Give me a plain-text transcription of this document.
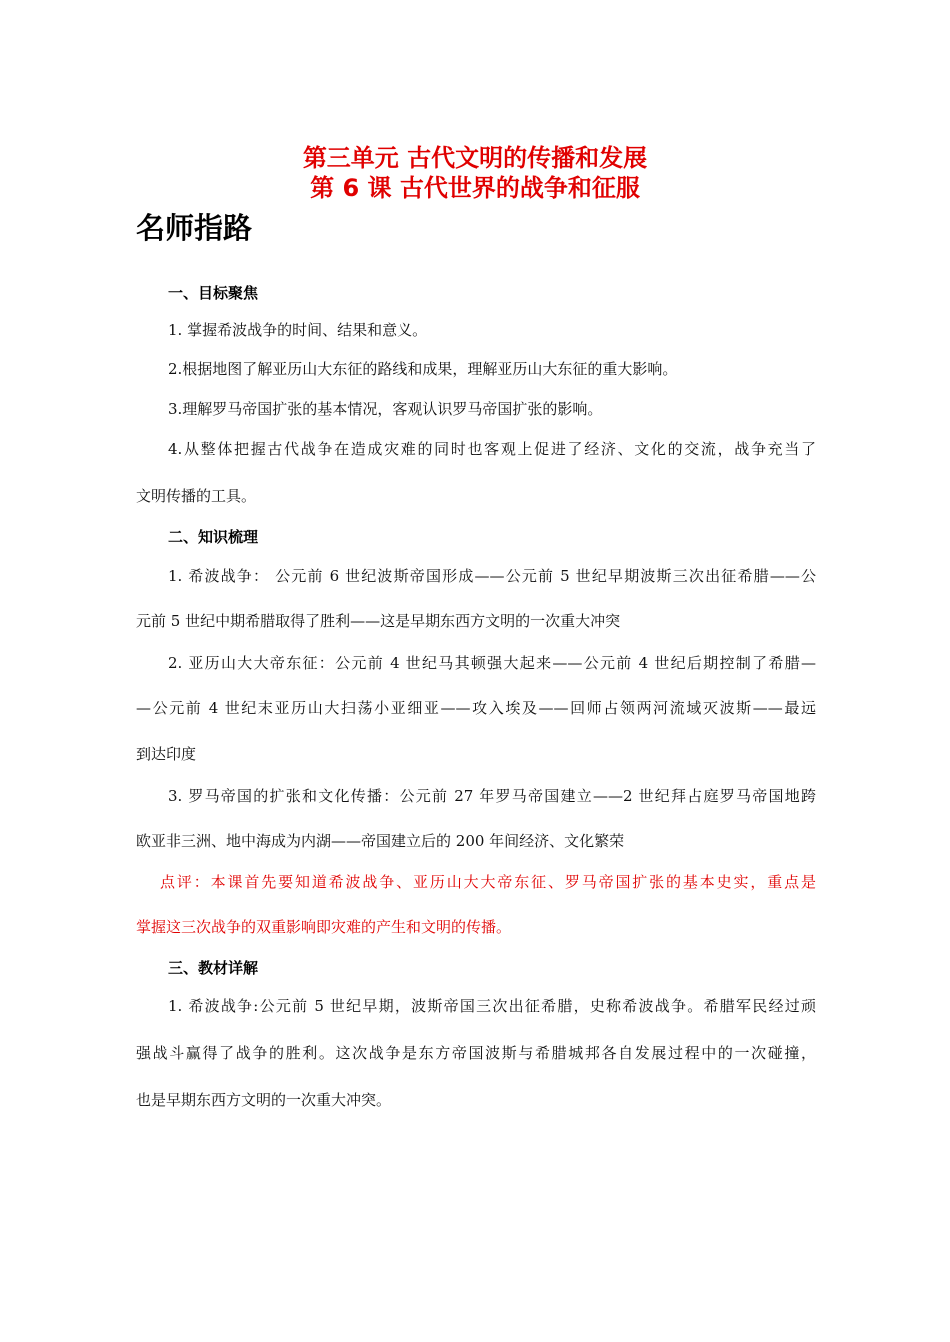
第三单元 古代文明的传播和发展
第 6 课 古代世界的战争和征服
名师指路
一、目标聚焦
1. 掌握希波战争的时间、结果和意义。
2.根据地图了解亚历山大东征的路线和成果，理解亚历山大东征的重大影响。
3.理解罗马帝国扩张的基本情况，客观认识罗马帝国扩张的影响。
4.从整体把握古代战争在造成灾难的同时也客观上促进了经济、文化的交流，战争充当了
文明传播的工具。
二、知识梳理
1. 希波战争： 公元前 6 世纪波斯帝国形成——公元前 5 世纪早期波斯三次出征希腊——公
元前 5 世纪中期希腊取得了胜利——这是早期东西方文明的一次重大冲突
2. 亚历山大大帝东征：公元前 4 世纪马其顿强大起来——公元前 4 世纪后期控制了希腊—
—公元前 4 世纪末亚历山大扫荡小亚细亚——攻入埃及——回师占领两河流域灭波斯——最远
到达印度
3. 罗马帝国的扩张和文化传播：公元前 27 年罗马帝国建立——2 世纪拜占庭罗马帝国地跨
欧亚非三洲、地中海成为内湖——帝国建立后的 200 年间经济、文化繁荣
点评：本课首先要知道希波战争、亚历山大大帝东征、罗马帝国扩张的基本史实，重点是
掌握这三次战争的双重影响即灾难的产生和文明的传播。
三、教材详解
1. 希波战争:公元前 5 世纪早期，波斯帝国三次出征希腊，史称希波战争。希腊军民经过顽
强战斗赢得了战争的胜利。这次战争是东方帝国波斯与希腊城邦各自发展过程中的一次碰撞，
也是早期东西方文明的一次重大冲突。
